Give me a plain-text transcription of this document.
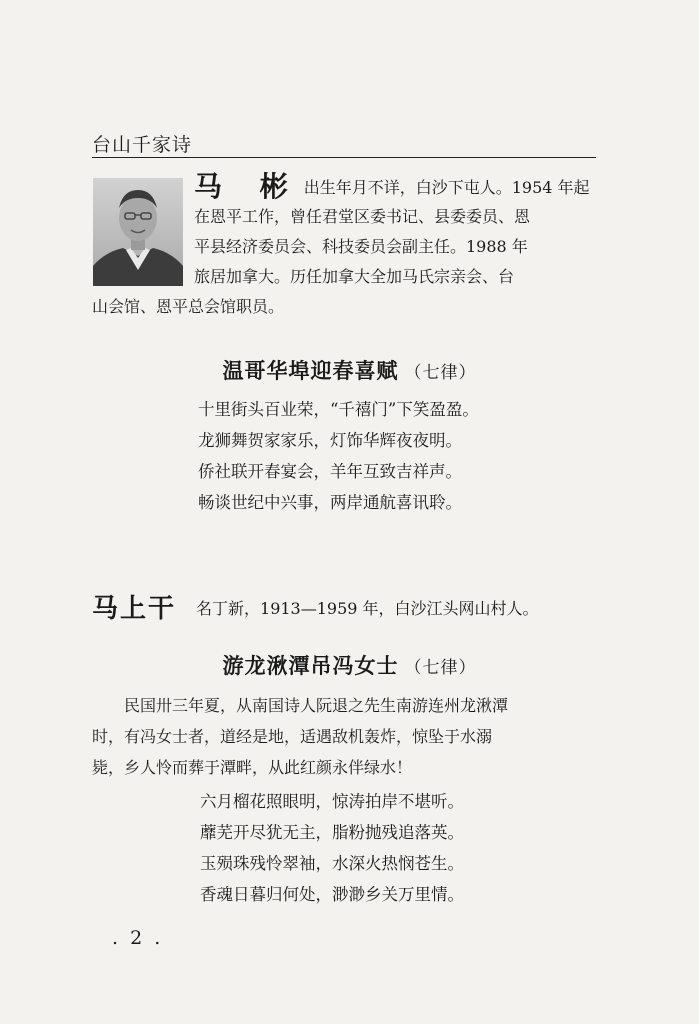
台山千家诗
马 彬 出生年月不详，白沙下屯人。1954 年起
在恩平工作，曾任君堂区委书记、县委委员、恩
平县经济委员会、科技委员会副主任。1988 年
旅居加拿大。历任加拿大全加马氏宗亲会、台
山会馆、恩平总会馆职员。
温哥华埠迎春喜赋 （七律）
十里街头百业荣，“千禧门”下笑盈盈。
龙狮舞贺家家乐，灯饰华辉夜夜明。
侨社联开春宴会，羊年互致吉祥声。
畅谈世纪中兴事，两岸通航喜讯聆。
马上干 名丁新，1913—1959 年，白沙江头网山村人。
游龙湫潭吊冯女士 （七律）
　　民国卅三年夏，从南国诗人阮退之先生南游连州龙湫潭
时，有冯女士者，道经是地，适遇敌机轰炸，惊坠于水溺
毙，乡人怜而葬于潭畔，从此红颜永伴绿水！
六月榴花照眼明，惊涛拍岸不堪听。
蘼芜开尽犹无主，脂粉抛残追落英。
玉殒珠残怜翠袖，水深火热悯苍生。
香魂日暮归何处，渺渺乡关万里情。
. 2 .
